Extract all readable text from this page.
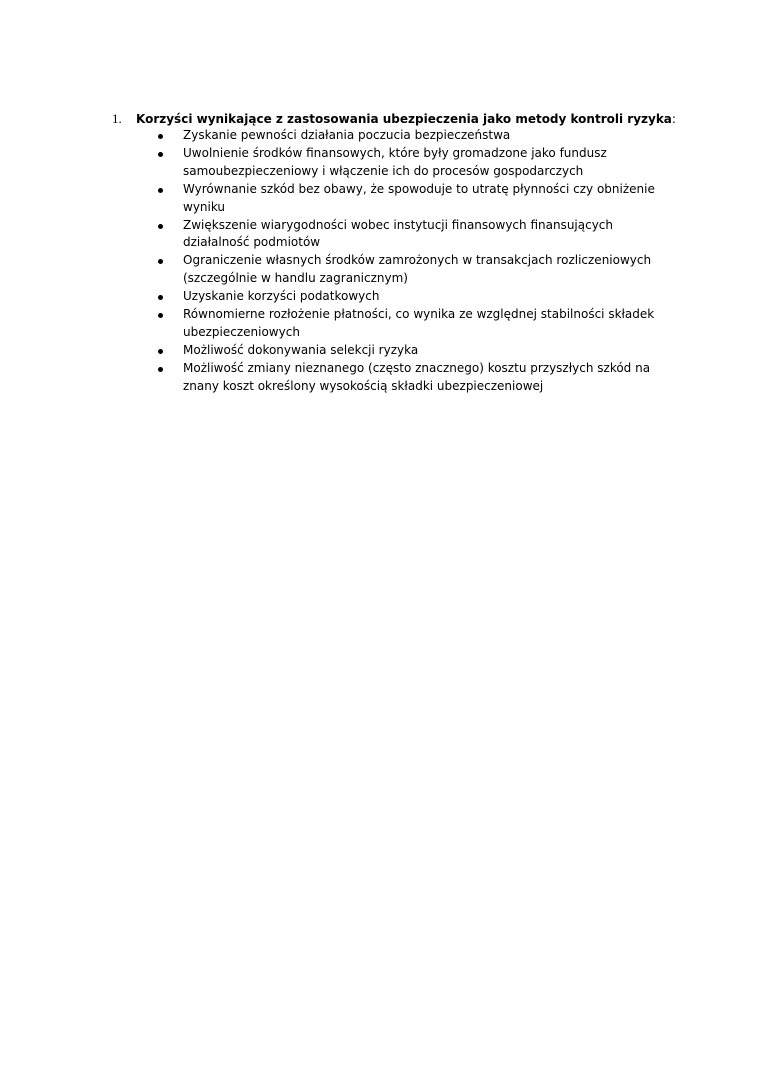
1.	Korzyści wynikające z zastosowania ubezpieczenia jako metody kontroli ryzyka :
Zyskanie pewności działania poczucia bezpieczeństwa
Uwolnienie środków finansowych, które były gromadzone jako fundusz samoubezpieczeniowy i włączenie ich do procesów gospodarczych
Wyrównanie szkód bez obawy, że spowoduje to utratę płynności czy obniżenie wyniku
Zwiększenie wiarygodności wobec instytucji finansowych finansujących działalność podmiotów
Ograniczenie własnych środków zamrożonych w transakcjach rozliczeniowych (szczególnie w handlu zagranicznym)
Uzyskanie korzyści podatkowych
Równomierne rozłożenie płatności, co wynika ze względnej stabilności składek ubezpieczeniowych
Możliwość dokonywania selekcji ryzyka
Możliwość zmiany nieznanego (często znacznego) kosztu przyszłych szkód na znany koszt określony wysokością składki ubezpieczeniowej
